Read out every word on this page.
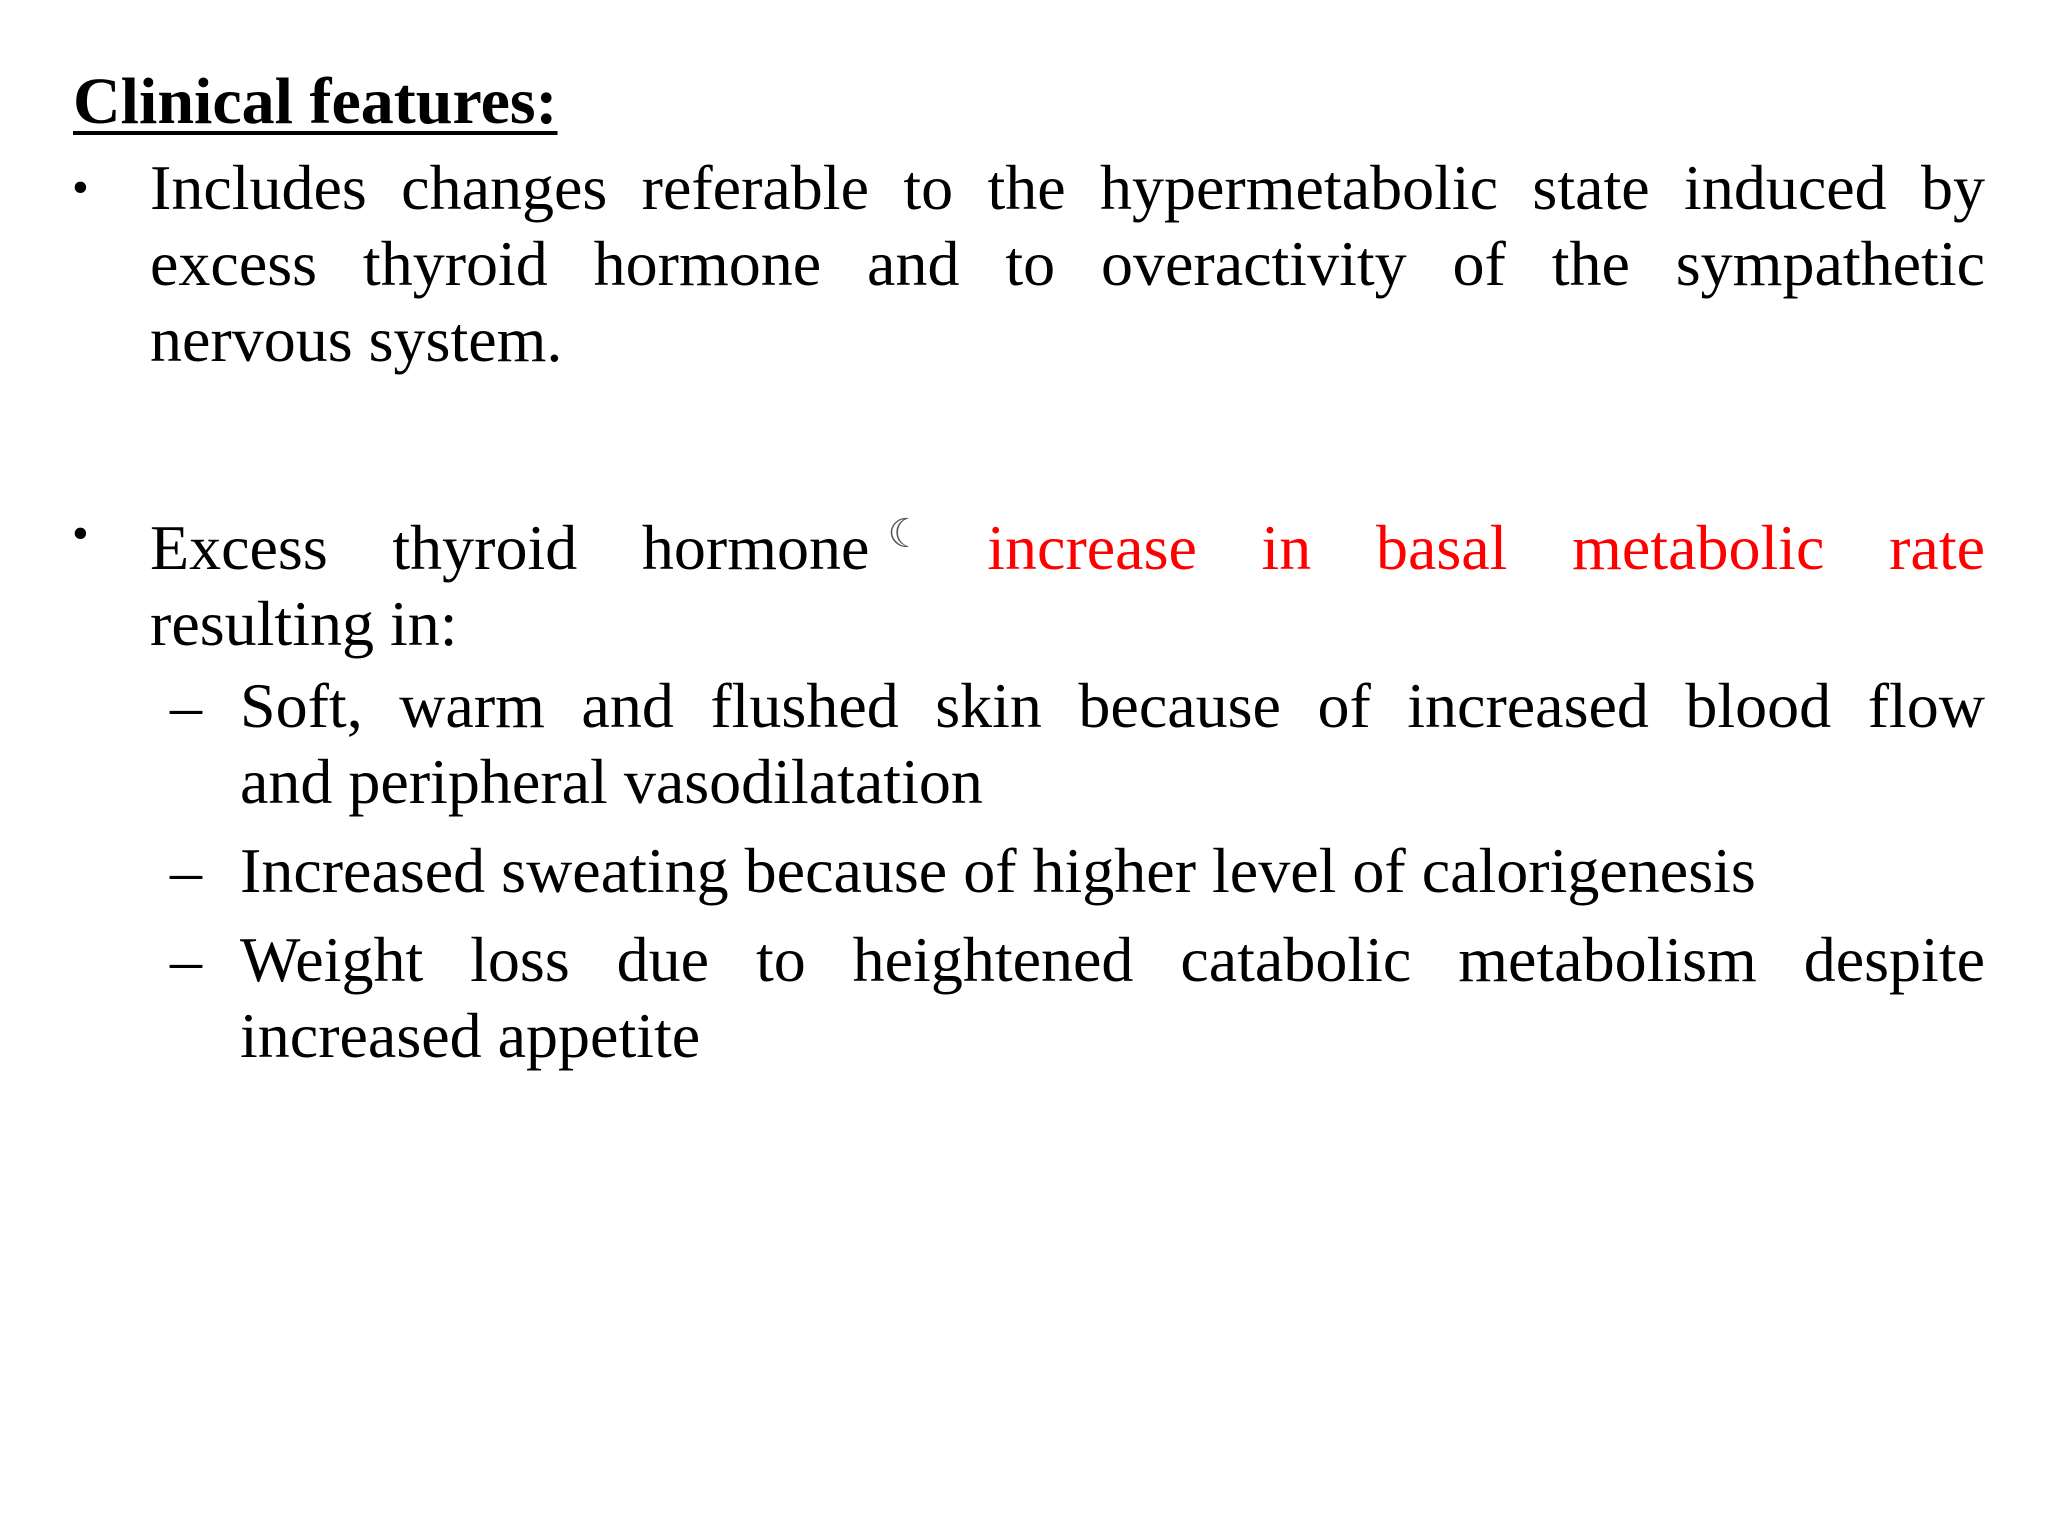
Clinical features:
• Includes changes referable to the hypermetabolic state induced by
excess thyroid hormone and to overactivity of the sympathetic
nervous system.
• Excess thyroid hormone ☾ increase in basal metabolic rate
resulting in:
– Soft, warm and flushed skin because of increased blood flow
and peripheral vasodilatation
– Increased sweating because of higher level of calorigenesis
– Weight loss due to heightened catabolic metabolism despite
increased appetite
